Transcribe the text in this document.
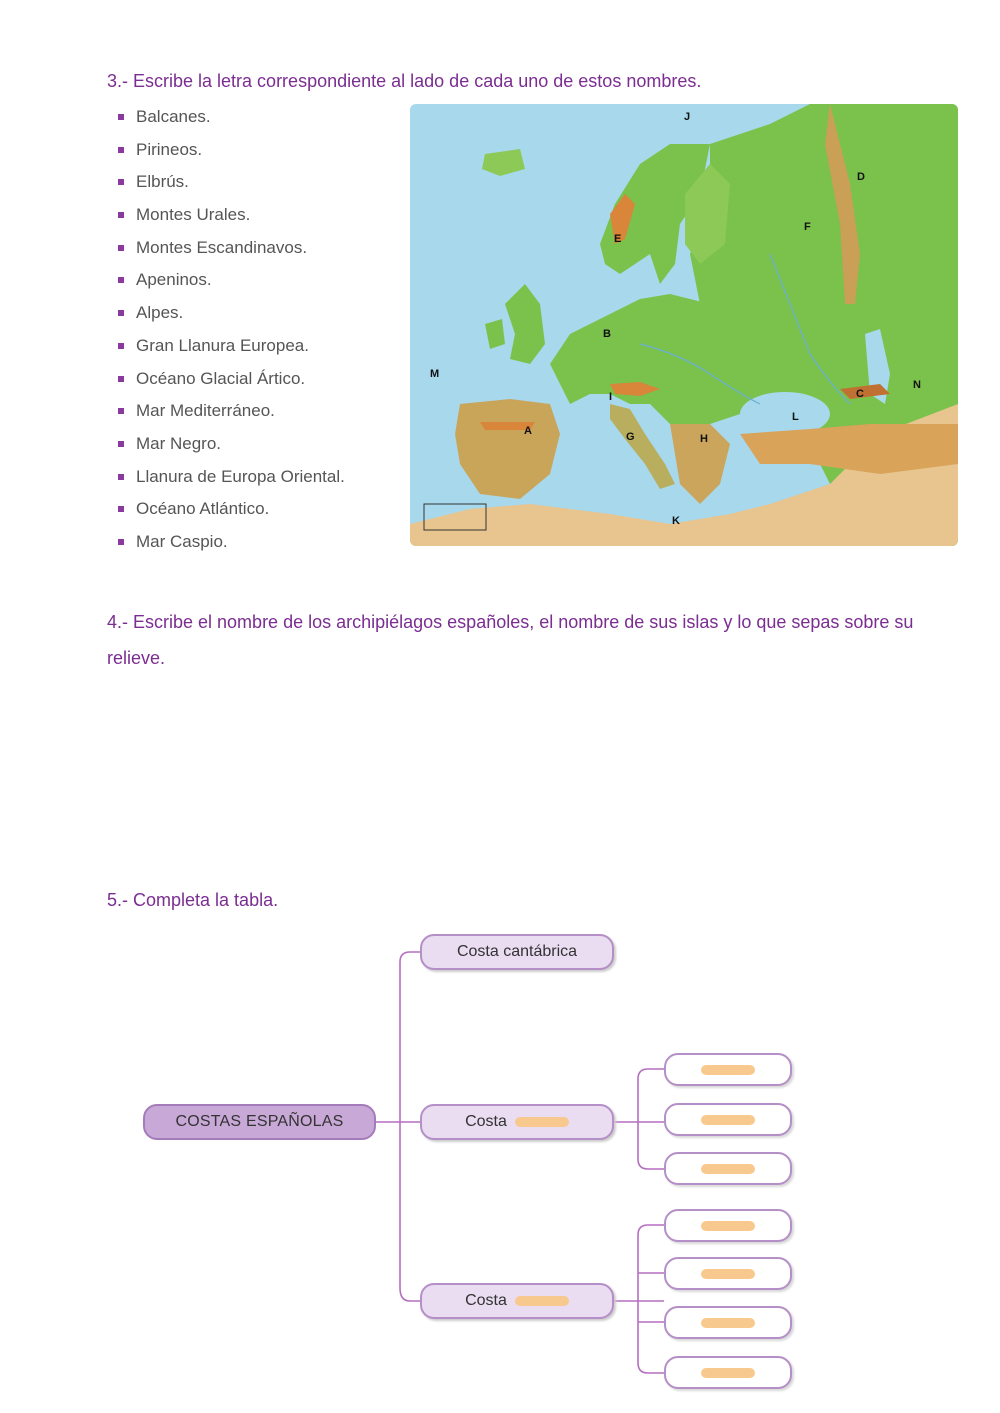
3.- Escribe la letra correspondiente al lado de cada uno de estos nombres.
Balcanes.
Pirineos.
Elbrús.
Montes Urales.
Montes Escandinavos.
Apeninos.
Alpes.
Gran Llanura Europea.
Océano Glacial Ártico.
Mar Mediterráneo.
Mar Negro.
Llanura de Europa Oriental.
Océano Atlántico.
Mar Caspio.
J
D
F
E
B
M
I	C
N
L
A	G	H
K
4.- Escribe el nombre de los archipiélagos españoles, el nombre de sus islas y lo que sepas sobre su relieve.
5.- Completa la tabla.
COSTAS ESPAÑOLAS
Costa cantábrica
Costa
Costa
